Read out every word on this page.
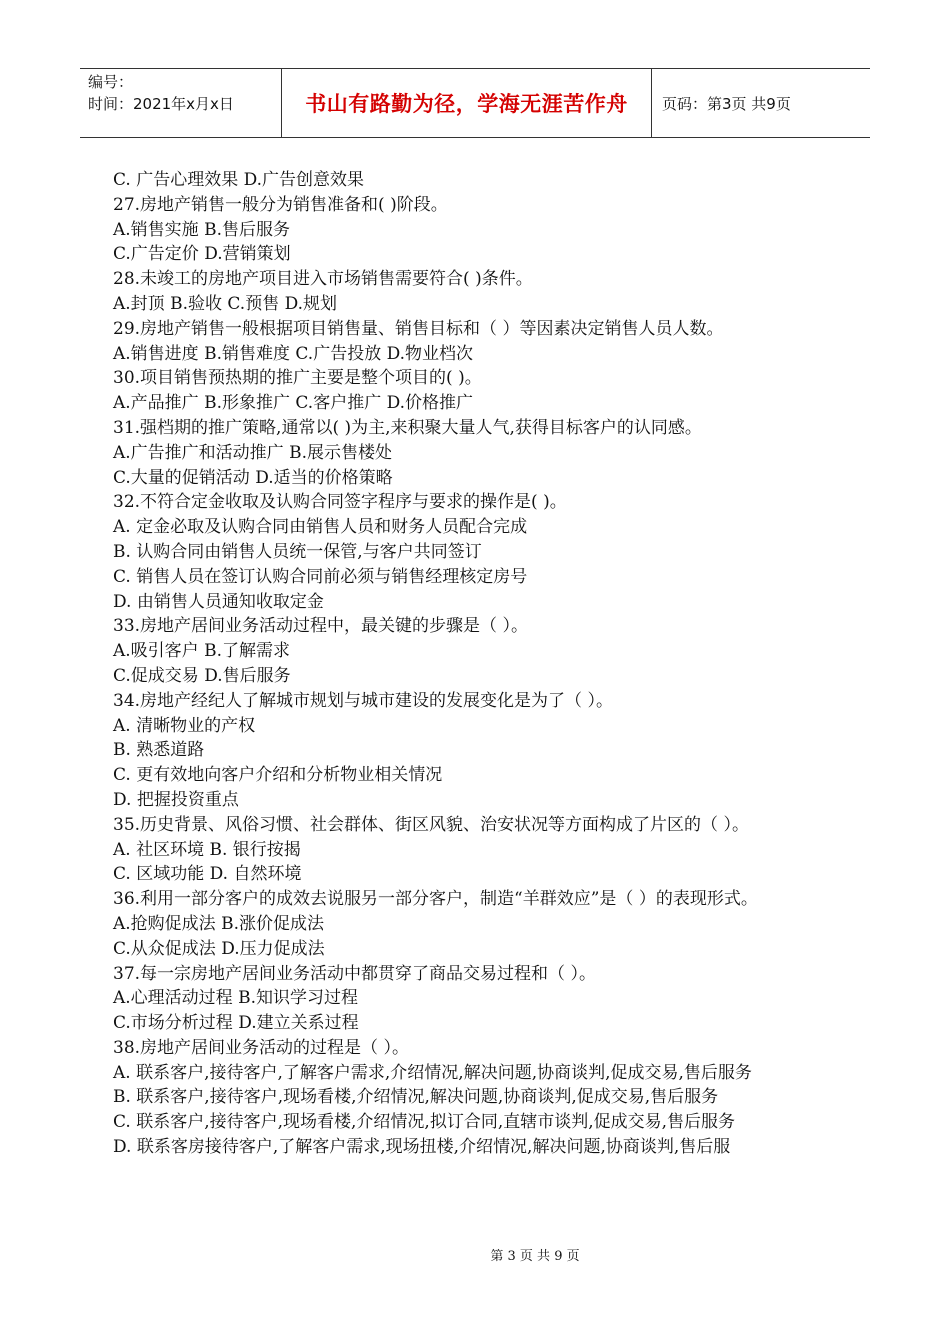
编号：
时间：2021年x月x日	书山有路勤为径，学海无涯苦作舟 页码：第3页 共9页
C. 广告心理效果 D.广告创意效果
27.房地产销售一般分为销售准备和( )阶段。
A.销售实施 B.售后服务
C.广告定价 D.营销策划
28.未竣工的房地产项目进入市场销售需要符合( )条件。
A.封顶 B.验收 C.预售 D.规划
29.房地产销售一般根据项目销售量、销售目标和（ ）等因素决定销售人员人数。
A.销售进度 B.销售难度 C.广告投放 D.物业档次
30.项目销售预热期的推广主要是整个项目的( )。
A.产品推广 B.形象推广 C.客户推广 D.价格推广
31.强档期的推广策略,通常以( )为主,来积聚大量人气,获得目标客户的认同感。
A.广告推广和活动推广 B.展示售楼处
C.大量的促销活动 D.适当的价格策略
32.不符合定金收取及认购合同签字程序与要求的操作是( )。
A. 定金必取及认购合同由销售人员和财务人员配合完成
B. 认购合同由销售人员统一保管,与客户共同签订
C. 销售人员在签订认购合同前必须与销售经理核定房号
D. 由销售人员通知收取定金
33.房地产居间业务活动过程中，最关键的步骤是（ ）。
A.吸引客户 B.了解需求
C.促成交易 D.售后服务
34.房地产经纪人了解城市规划与城市建设的发展变化是为了（ ）。
A. 清晰物业的产权
B. 熟悉道路
C. 更有效地向客户介绍和分析物业相关情况
D. 把握投资重点
35.历史背景、风俗习惯、社会群体、街区风貌、治安状况等方面构成了片区的（ ）。
A. 社区环境 B. 银行按揭
C. 区域功能 D. 自然环境
36.利用一部分客户的成效去说服另一部分客户，制造“羊群效应”是（ ）的表现形式。
A.抢购促成法 B.涨价促成法
C.从众促成法 D.压力促成法
37.每一宗房地产居间业务活动中都贯穿了商品交易过程和（ ）。
A.心理活动过程 B.知识学习过程
C.市场分析过程 D.建立关系过程
38.房地产居间业务活动的过程是（ ）。
A. 联系客户,接待客户,了解客户需求,介绍情况,解决问题,协商谈判,促成交易,售后服务
B. 联系客户,接待客户,现场看楼,介绍情况,解决问题,协商谈判,促成交易,售后服务
C. 联系客户,接待客户,现场看楼,介绍情况,拟订合同,直辖市谈判,促成交易,售后服务
D. 联系客房接待客户,了解客户需求,现场扭楼,介绍情况,解决问题,协商谈判,售后服
第 3 页 共 9 页
